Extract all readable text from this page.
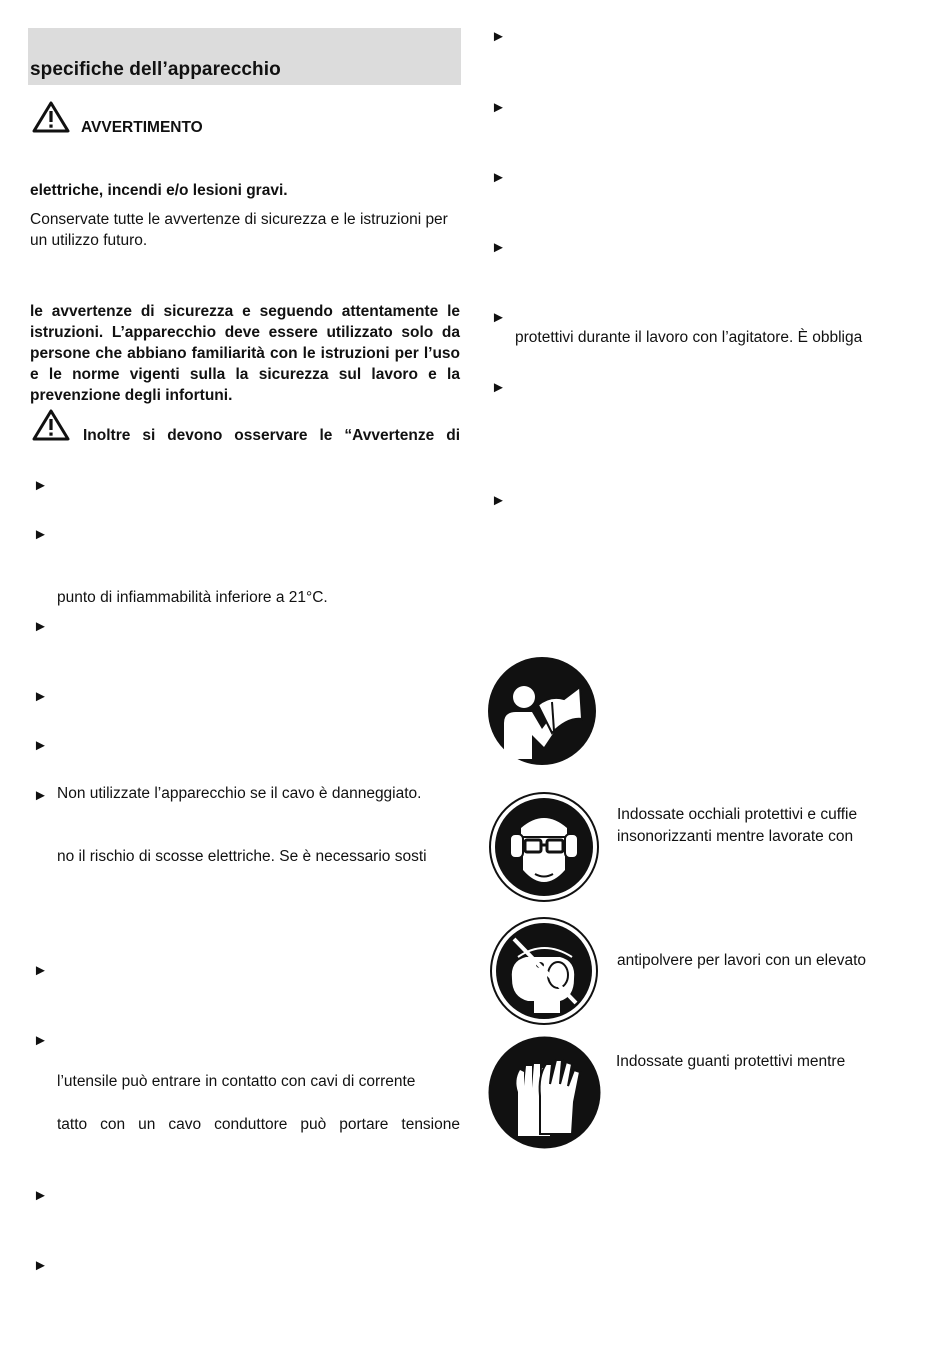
specifiche dell’apparecchio
AVVERTIMENTO
elettriche, incendi e/o lesioni gravi.
Conservate tutte le avvertenze di sicurezza e le istruzioni per un utilizzo futuro.
le avvertenze di sicurezza e seguendo attentamente le istruzioni. L’apparecchio deve essere utilizzato solo da persone che abbiano familiarità con le istruzioni per l’uso e le norme vigenti sulla la sicurezza sul lavoro e la prevenzione degli infortuni.
Inoltre si devono osservare le “Avvertenze di
►
►
punto di infiammabilità inferiore a 21°C.
►
►
►
► Non utilizzate l’apparecchio se il cavo è danneggiato.
no il rischio di scosse elettriche. Se è necessario sosti
►
►
l’utensile può entrare in contatto con cavi di corrente
tatto con un cavo conduttore può portare tensione
►
►
►
►
►
►
►
protettivi durante il lavoro con l’agitatore. È obbliga
►
►
Indossate occhiali protettivi e cuffie
insonorizzanti mentre lavorate con
antipolvere per lavori con un elevato
Indossate guanti protettivi mentre
